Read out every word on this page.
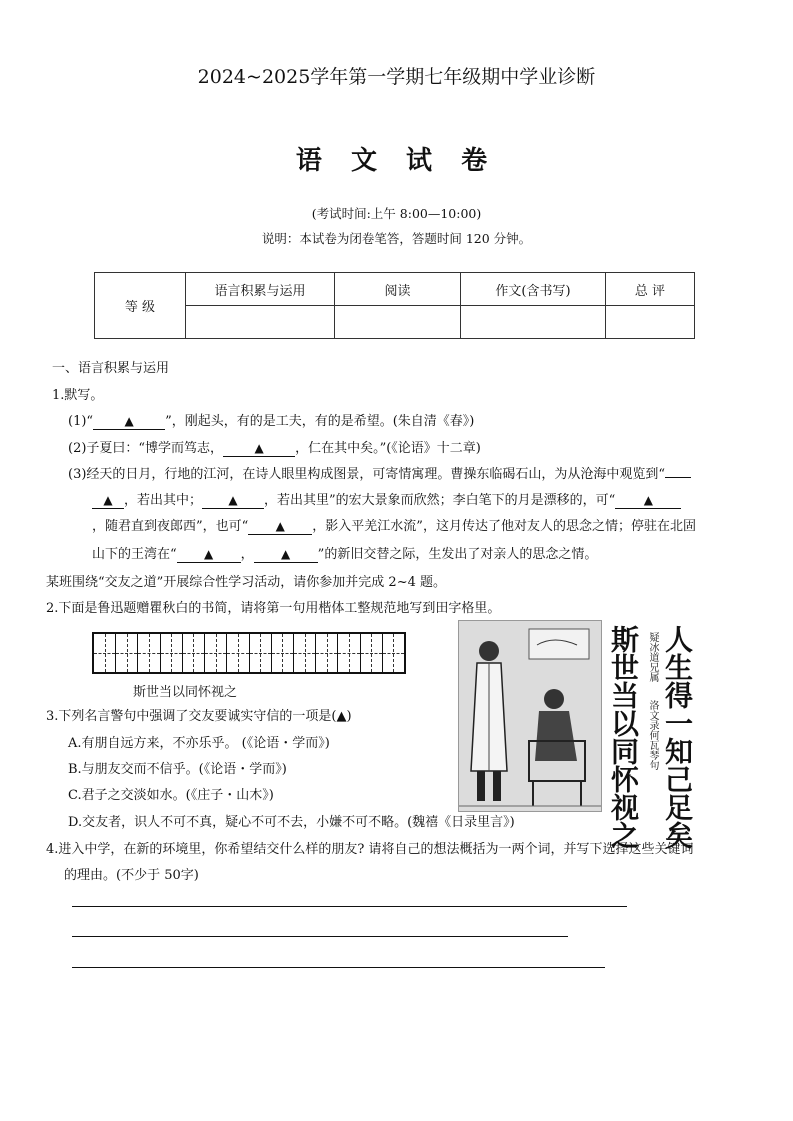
2024~2025学年第一学期七年级期中学业诊断
语 文 试 卷
(考试时间:上午 8:00—10:00)
说明：本试卷为闭卷笔答，答题时间 120 分钟。
等 级	语言积累与运用	阅读	作文(含书写)	总 评

一、语言积累与运用
1.默写。
(1)“	▲ ”，刚起头，有的是工夫，有的是希望。(朱自清《春》)
(2)子夏曰：“博学而笃志，	▲ ，仁在其中矣。”(《论语》十二章)
(3)经天的日月，行地的江河，在诗人眼里构成图景，可寄情寓理。曹操东临碣石山，为从沧海中观览到“
▲ ，若出其中； ▲ ，若出其里”的宏大景象而欣然；李白笔下的月是漂移的，可“ ▲
，随君直到夜郎西”，也可“ ▲ ，影入平羌江水流”，这月传达了他对友人的思念之情；停驻在北固
山下的王湾在“ ▲ ， ▲ ”的新旧交替之际，生发出了对亲人的思念之情。
某班围绕“交友之道”开展综合性学习活动，请你参加并完成 2~4 题。
2.下面是鲁迅题赠瞿秋白的书简，请将第一句用楷体工整规范地写到田字格里。
斯世当以同怀视之	人生得一知己足矣
疑冰道兄属
斯世当以同怀视之 洛文录何瓦琴句
3.下列名言警句中强调了交友要诚实守信的一项是(▲)
A.有朋自远方来，不亦乐乎。 (《论语・学而》)
B.与朋友交而不信乎。(《论语・学而》)
C.君子之交淡如水。(《庄子・山木》)
D.交友者，识人不可不真，疑心不可不去，小嫌不可不略。(魏禧《日录里言》)
4.进入中学，在新的环境里，你希望结交什么样的朋友? 请将自己的想法概括为一两个词，并写下选择这些关键词
的理由。(不少于 50字)
